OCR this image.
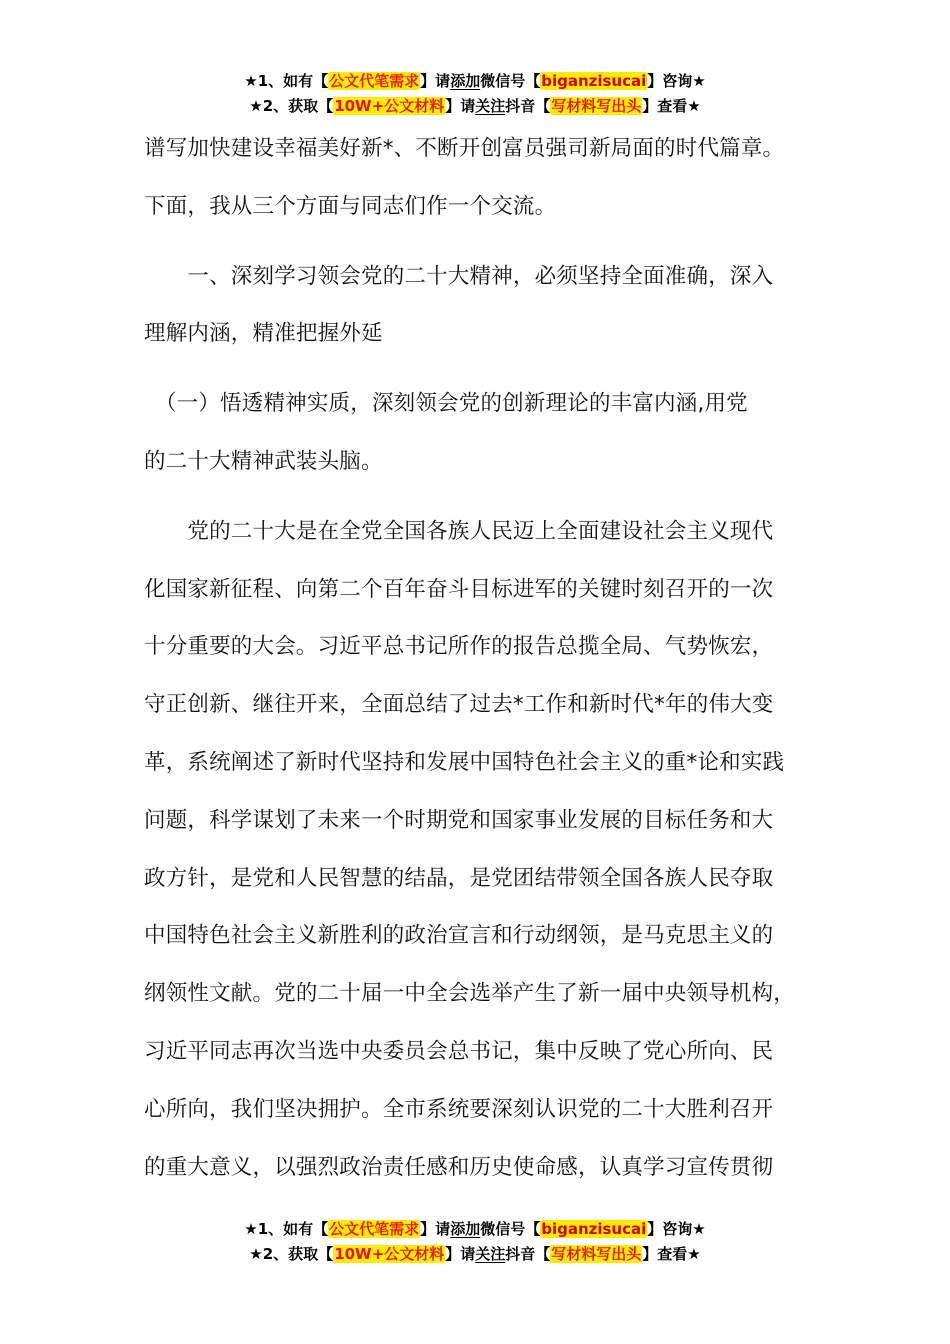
★1、如有【公文代笔需求】请添加微信号【biganzisucai】咨询★
★2、获取【10W+公文材料】请关注抖音【写材料写出头】查看★

谱写加快建设幸福美好新*、不断开创富员强司新局面的时代篇章。
下面，我从三个方面与同志们作一个交流。

　　一、深刻学习领会党的二十大精神，必须坚持全面准确，深入
理解内涵，精准把握外延

　（一）悟透精神实质，深刻领会党的创新理论的丰富内涵,用党
的二十大精神武装头脑。

　　党的二十大是在全党全国各族人民迈上全面建设社会主义现代
化国家新征程、向第二个百年奋斗目标进军的关键时刻召开的一次
十分重要的大会。习近平总书记所作的报告总揽全局、气势恢宏，
守正创新、继往开来，全面总结了过去*工作和新时代*年的伟大变
革，系统阐述了新时代坚持和发展中国特色社会主义的重*论和实践
问题，科学谋划了未来一个时期党和国家事业发展的目标任务和大
政方针，是党和人民智慧的结晶，是党团结带领全国各族人民夺取
中国特色社会主义新胜利的政治宣言和行动纲领，是马克思主义的
纲领性文献。党的二十届一中全会选举产生了新一届中央领导机构，
习近平同志再次当选中央委员会总书记，集中反映了党心所向、民
心所向，我们坚决拥护。全市系统要深刻认识党的二十大胜利召开
的重大意义，以强烈政治责任感和历史使命感，认真学习宣传贯彻

★1、如有【公文代笔需求】请添加微信号【biganzisucai】咨询★
★2、获取【10W+公文材料】请关注抖音【写材料写出头】查看★
